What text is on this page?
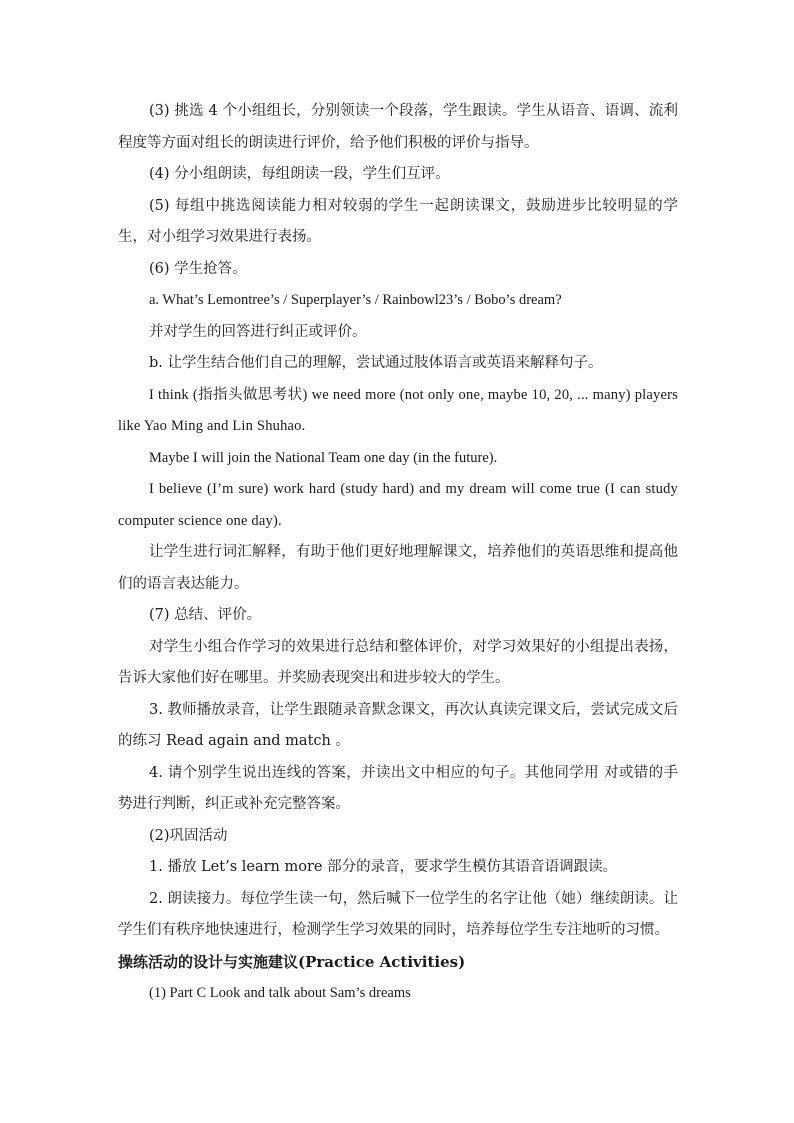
(3) 挑选 4 个小组组长，分别领读一个段落，学生跟读。学生从语音、语调、流利程度等方面对组长的朗读进行评价，给予他们积极的评价与指导。

(4) 分小组朗读，每组朗读一段，学生们互评。

(5) 每组中挑选阅读能力相对较弱的学生一起朗读课文，鼓励进步比较明显的学生，对小组学习效果进行表扬。

(6) 学生抢答。

a. What’s Lemontree’s / Superplayer’s / Rainbowl23’s / Bobo’s dream?

并对学生的回答进行纠正或评价。

b. 让学生结合他们自己的理解，尝试通过肢体语言或英语来解释句子。

I think (指指头做思考状) we need more (not only one, maybe 10, 20, ... many) players like Yao Ming and Lin Shuhao.

Maybe I will join the National Team one day (in the future).

I believe (I’m sure) work hard (study hard) and my dream will come true (I can study computer science one day).

让学生进行词汇解释，有助于他们更好地理解课文，培养他们的英语思维和提高他们的语言表达能力。

(7) 总结、评价。

对学生小组合作学习的效果进行总结和整体评价，对学习效果好的小组提出表扬，告诉大家他们好在哪里。并奖励表现突出和进步较大的学生。

3. 教师播放录音，让学生跟随录音默念课文，再次认真读完课文后，尝试完成文后的练习 Read again and match 。

4. 请个别学生说出连线的答案，并读出文中相应的句子。其他同学用 对或错的手势进行判断，纠正或补充完整答案。

(2)巩固活动

1. 播放 Let’s learn more 部分的录音，要求学生模仿其语音语调跟读。

2. 朗读接力。每位学生读一句，然后喊下一位学生的名字让他（她）继续朗读。让学生们有秩序地快速进行，检测学生学习效果的同时，培养每位学生专注地听的习惯。

操练活动的设计与实施建议(Practice Activities)

(1) Part C Look and talk about Sam’s dreams
